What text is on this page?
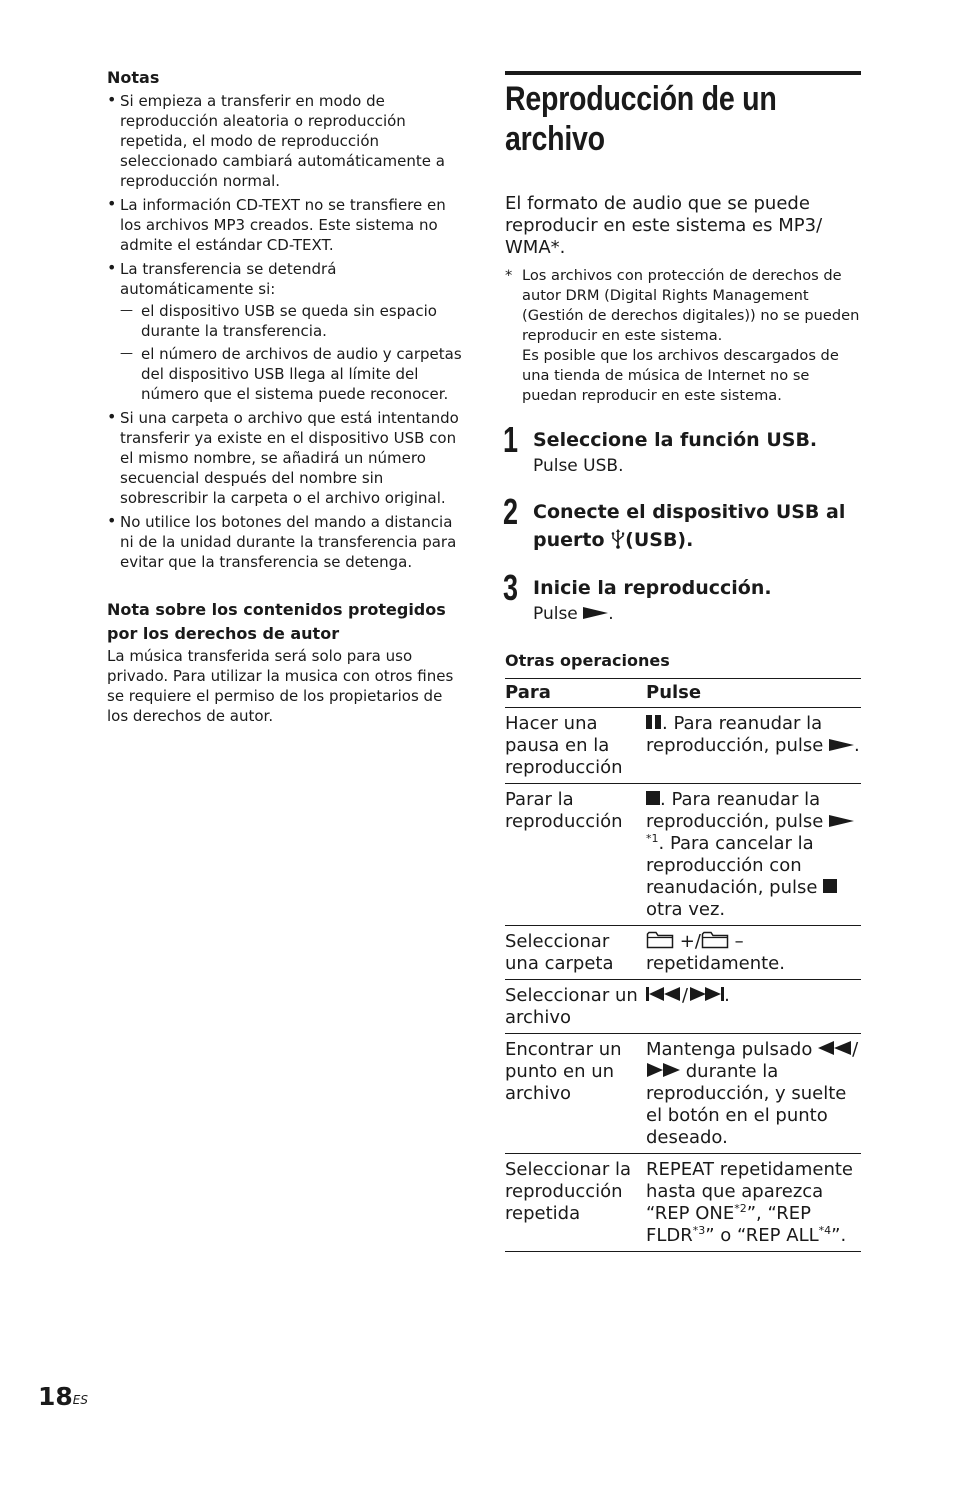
Notas
• Si empieza a transferir en modo de reproducción aleatoria o reproducción repetida, el modo de reproducción seleccionado cambiará automáticamente a reproducción normal.
• La información CD-TEXT no se transfiere en los archivos MP3 creados. Este sistema no admite el estándar CD-TEXT.
• La transferencia se detendrá automáticamente si:
— el dispositivo USB se queda sin espacio durante la transferencia.
— el número de archivos de audio y carpetas del dispositivo USB llega al límite del número que el sistema puede reconocer.
• Si una carpeta o archivo que está intentando transferir ya existe en el dispositivo USB con el mismo nombre, se añadirá un número secuencial después del nombre sin sobrescribir la carpeta o el archivo original.
• No utilice los botones del mando a distancia ni de la unidad durante la transferencia para evitar que la transferencia se detenga.
Nota sobre los contenidos protegidos por los derechos de autor

La música transferida será solo para uso privado. Para utilizar la musica con otros fines se requiere el permiso de los propietarios de los derechos de autor.

Reproducción de un archivo

El formato de audio que se puede reproducir en este sistema es MP3/ WMA*.

* Los archivos con protección de derechos de autor DRM (Digital Rights Management (Gestión de derechos digitales)) no se pueden reproducir en este sistema.
Es posible que los archivos descargados de una tienda de música de Internet no se puedan reproducir en este sistema.
1 Seleccione la función USB.
Pulse USB.
2 Conecte el dispositivo USB al puerto (USB).
3 Inicie la reproducción.
Pulse .
Otras operaciones
Para	Pulse
Hacer una pausa en la reproducción	. Para reanudar la reproducción, pulse .
Parar la reproducción	. Para reanudar la reproducción, pulse  $^{*1}$. Para cancelar la reproducción con reanudación, pulse  otra vez.
Seleccionar una carpeta	+/ – repetidamente.
Seleccionar un archivo	/ .
Encontrar un punto en un archivo	Mantenga pulsado / durante la reproducción, y suelte el botón en el punto deseado.
Seleccionar la reproducción repetida	REPEAT repetidamente hasta que aparezca “REP ONE$^{*2}$”, “REP FLDR$^{*3}$” o “REP ALL$^{*4}$”.
$18^{ES}$
